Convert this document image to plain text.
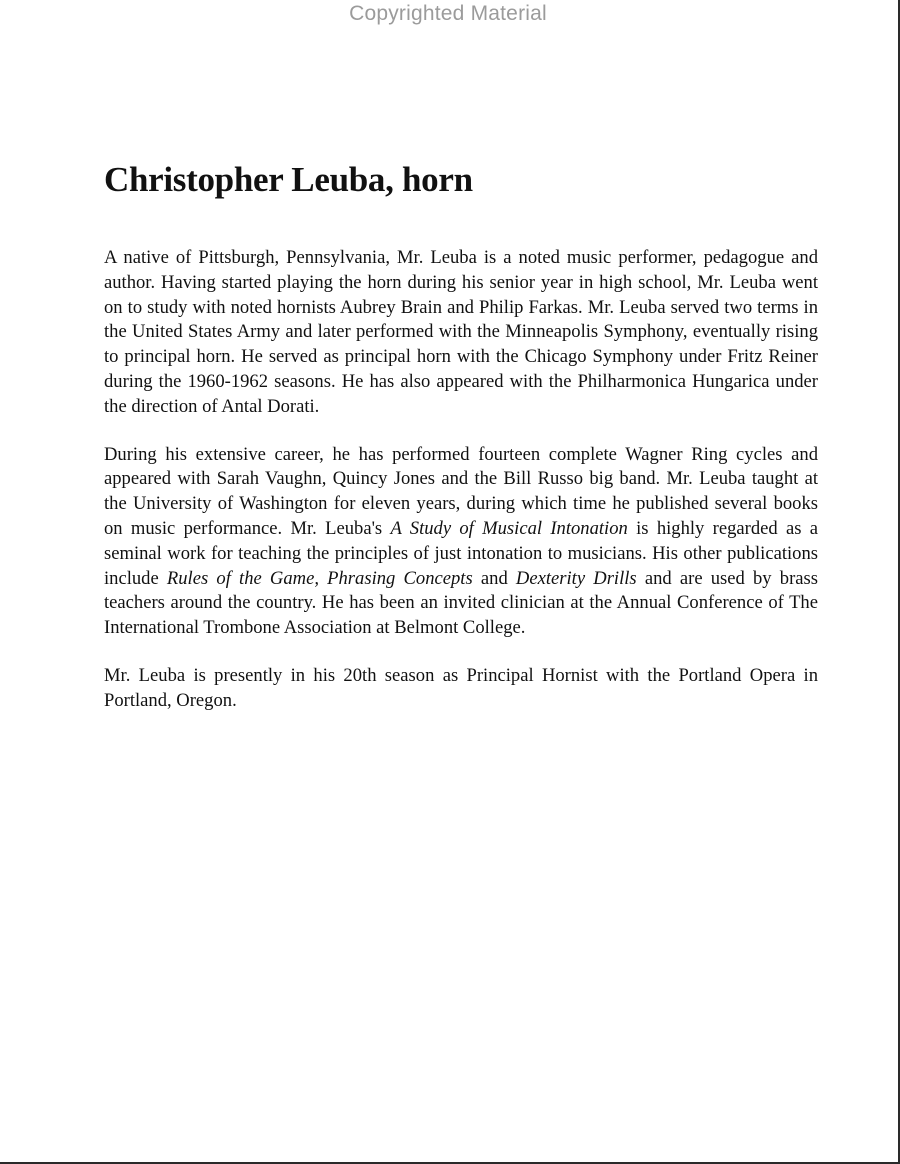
Copyrighted Material
Christopher Leuba, horn

A native of Pittsburgh, Pennsylvania, Mr. Leuba is a noted music performer, pedagogue and author. Having started playing the horn during his senior year in high school, Mr. Leuba went on to study with noted hornists Aubrey Brain and Philip Farkas. Mr. Leuba served two terms in the United States Army and later performed with the Minneapolis Symphony, eventually rising to principal horn. He served as principal horn with the Chicago Symphony under Fritz Reiner during the 1960-1962 seasons. He has also appeared with the Philharmonica Hungarica under the direction of Antal Dorati.

During his extensive career, he has performed fourteen complete Wagner Ring cycles and appeared with Sarah Vaughn, Quincy Jones and the Bill Russo big band. Mr. Leuba taught at the University of Washington for eleven years, during which time he published several books on music performance. Mr. Leuba's A Study of Musical Intonation is highly regarded as a seminal work for teaching the principles of just intonation to musicians. His other publications include Rules of the Game, Phrasing Concepts and Dexterity Drills and are used by brass teachers around the country. He has been an invited clinician at the Annual Conference of The International Trombone Association at Belmont College.

Mr. Leuba is presently in his 20th season as Principal Hornist with the Portland Opera in Portland, Oregon.
